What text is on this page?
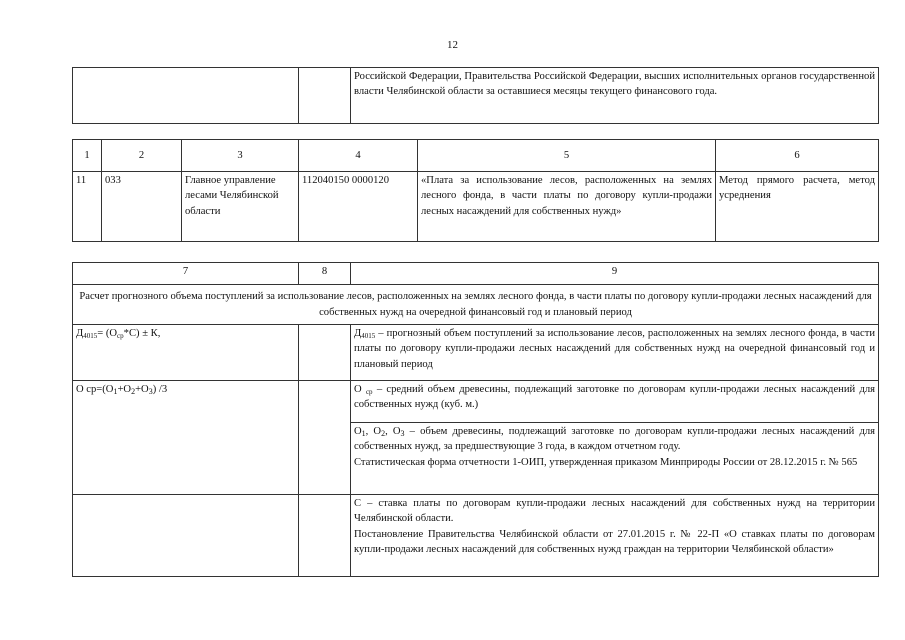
12
		Российской Федерации, Правительства Российской Федерации, высших исполнительных органов государственной власти Челябинской области за оставшиеся месяцы текущего финансового года.
1	2	3	4	5	6
11	033	Главное управление лесами Челябинской области	112040150 0000120	«Плата за использование лесов, расположенных на землях лесного фонда, в части платы по договору купли-продажи лесных насаждений для собственных нужд»	Метод прямого расчета, метод усреднения
7	8	9
Расчет прогнозного объема поступлений за использование лесов, расположенных на землях лесного фонда, в части платы по договору купли-продажи лесных насаждений для собственных нужд на очередной финансовый год и плановый период		
$Д_{4015}= (О_{ср}*С) \pm К$,		$Д_{4015}$ – прогнозный объем поступлений за использование лесов, расположенных на землях лесного фонда, в части платы по договору купли-продажи лесных насаждений для собственных нужд на очередной финансовый год и плановый период
О $ср=(О_1+О_2+О_3)$ /3		О $_{ср}$ – средний объем древесины, подлежащий заготовке по договорам купли-продажи лесных насаждений для собственных нужд (куб. м.)
		$О_1$, $О_2$, $О_3$ – объем древесины, подлежащий заготовке по договорам купли-продажи лесных насаждений для собственных нужд, за предшествующие 3 года, в каждом отчетном году.
Статистическая форма отчетности 1-ОИП, утвержденная приказом Минприроды России от 28.12.2015 г. № 565
		С – ставка платы по договорам купли-продажи лесных насаждений для собственных нужд на территории Челябинской области.
Постановление Правительства Челябинской области от 27.01.2015 г. № 22-П «О ставках платы по договорам купли-продажи лесных насаждений для собственных нужд граждан на территории Челябинской области»
